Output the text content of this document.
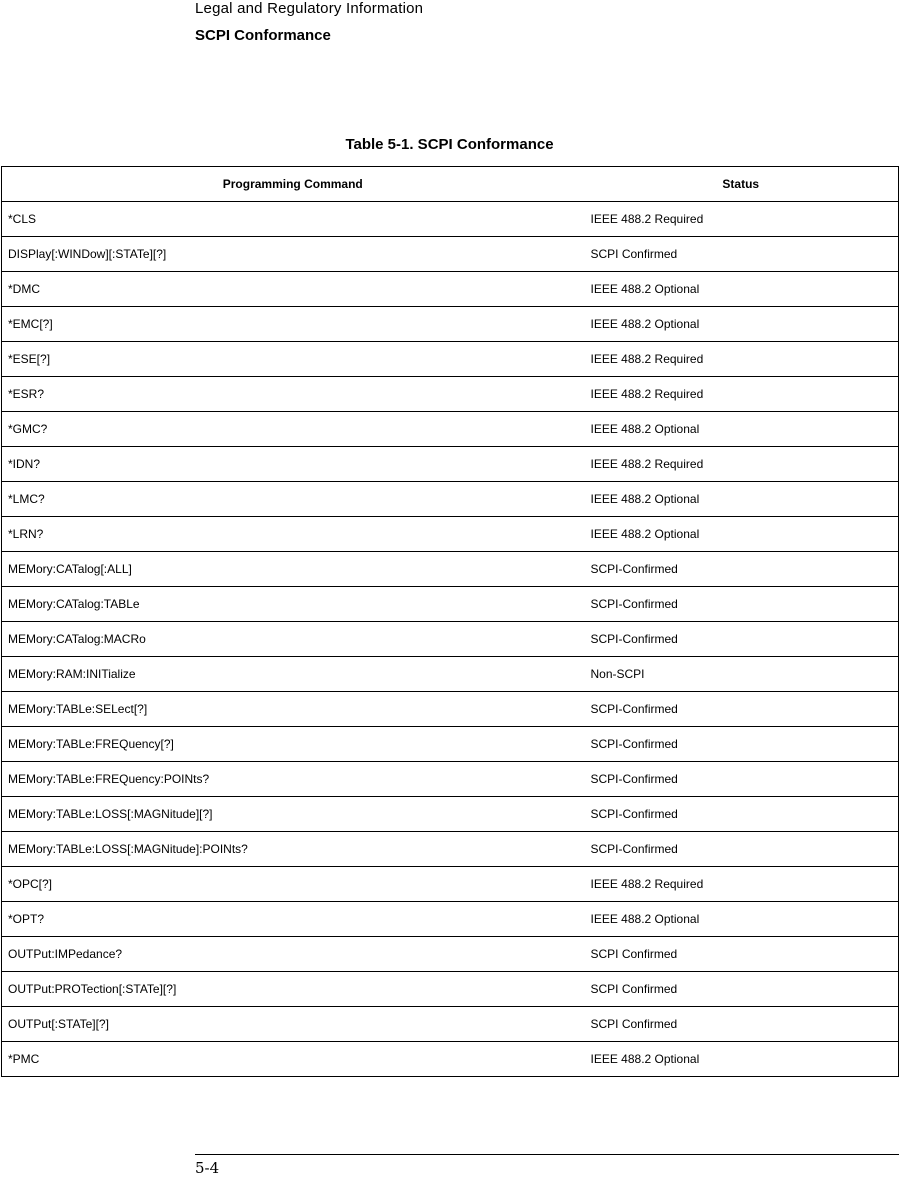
Legal and Regulatory Information
SCPI Conformance
Table 5-1. SCPI Conformance
Programming Command	Status
*CLS	IEEE 488.2 Required
DISPlay[:WINDow][:STATe][?]	SCPI Confirmed
*DMC	IEEE 488.2 Optional
*EMC[?]	IEEE 488.2 Optional
*ESE[?]	IEEE 488.2 Required
*ESR?	IEEE 488.2 Required
*GMC?	IEEE 488.2 Optional
*IDN?	IEEE 488.2 Required
*LMC?	IEEE 488.2 Optional
*LRN?	IEEE 488.2 Optional
MEMory:CATalog[:ALL]	SCPI-Confirmed
MEMory:CATalog:TABLe	SCPI-Confirmed
MEMory:CATalog:MACRo	SCPI-Confirmed
MEMory:RAM:INITialize	Non-SCPI
MEMory:TABLe:SELect[?]	SCPI-Confirmed
MEMory:TABLe:FREQuency[?]	SCPI-Confirmed
MEMory:TABLe:FREQuency:POINts?	SCPI-Confirmed
MEMory:TABLe:LOSS[:MAGNitude][?]	SCPI-Confirmed
MEMory:TABLe:LOSS[:MAGNitude]:POINts?	SCPI-Confirmed
*OPC[?]	IEEE 488.2 Required
*OPT?	IEEE 488.2 Optional
OUTPut:IMPedance?	SCPI Confirmed
OUTPut:PROTection[:STATe][?]	SCPI Confirmed
OUTPut[:STATe][?]	SCPI Confirmed
*PMC	IEEE 488.2 Optional
5-4
